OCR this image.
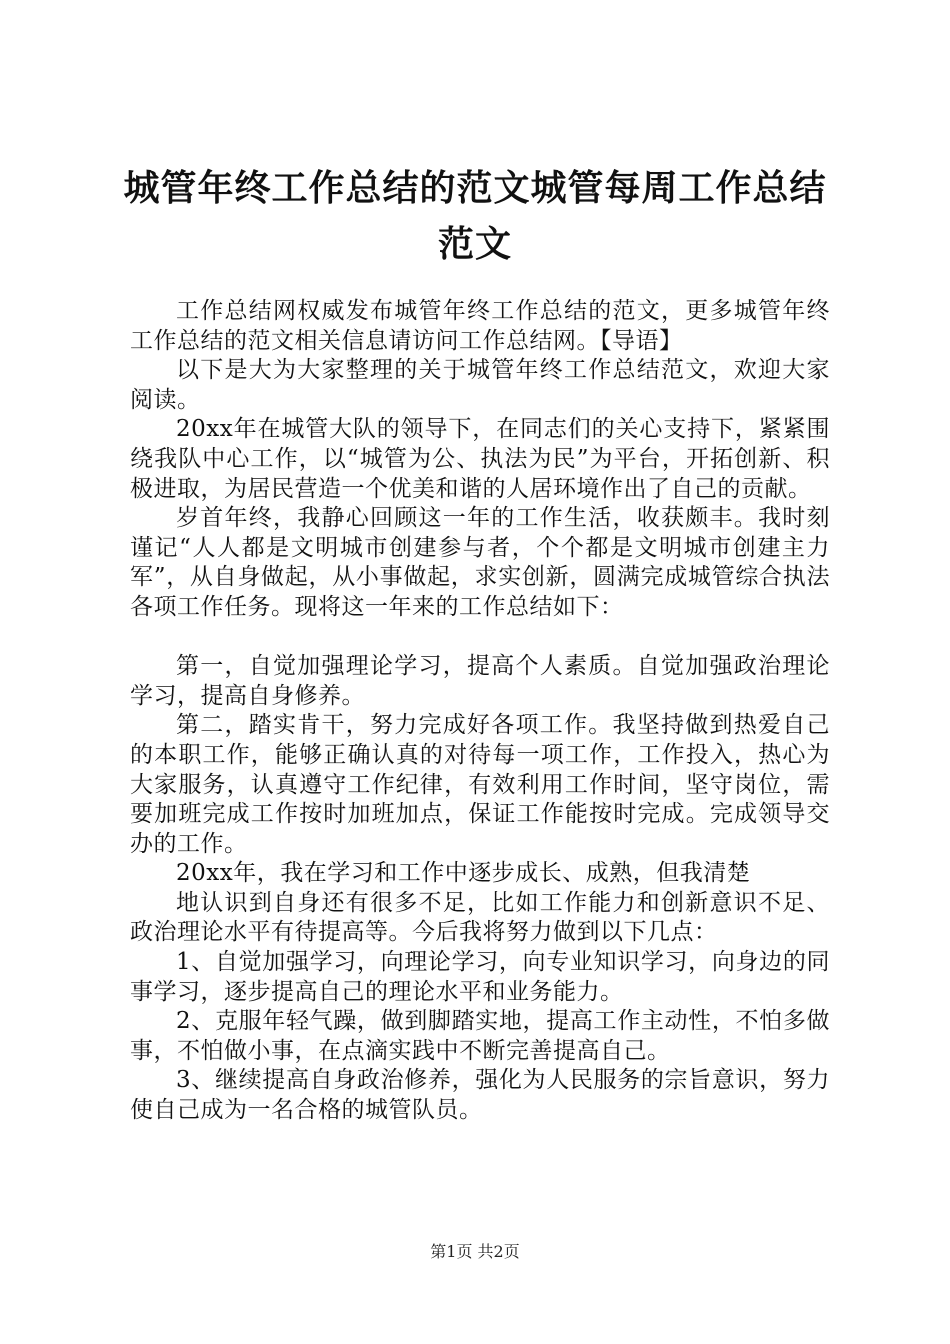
城管年终工作总结的范文城管每周工作总结范文

工作总结网权威发布城管年终工作总结的范文，更多城管年终工作总结的范文相关信息请访问工作总结网。【导语】

以下是大为大家整理的关于城管年终工作总结范文，欢迎大家阅读。

20xx年在城管大队的领导下，在同志们的关心支持下，紧紧围绕我队中心工作，以“城管为公、执法为民”为平台，开拓创新、积极进取，为居民营造一个优美和谐的人居环境作出了自己的贡献。

岁首年终，我静心回顾这一年的工作生活，收获颇丰。我时刻谨记“人人都是文明城市创建参与者，个个都是文明城市创建主力军”，从自身做起，从小事做起，求实创新，圆满完成城管综合执法各项工作任务。现将这一年来的工作总结如下：

第一，自觉加强理论学习，提高个人素质。自觉加强政治理论学习，提高自身修养。

第二，踏实肯干，努力完成好各项工作。我坚持做到热爱自己的本职工作，能够正确认真的对待每一项工作，工作投入，热心为大家服务，认真遵守工作纪律，有效利用工作时间，坚守岗位，需要加班完成工作按时加班加点，保证工作能按时完成。完成领导交办的工作。

20xx年，我在学习和工作中逐步成长、成熟，但我清楚

地认识到自身还有很多不足，比如工作能力和创新意识不足、政治理论水平有待提高等。今后我将努力做到以下几点：

1、自觉加强学习，向理论学习，向专业知识学习，向身边的同事学习，逐步提高自己的理论水平和业务能力。

2、克服年轻气躁，做到脚踏实地，提高工作主动性，不怕多做事，不怕做小事，在点滴实践中不断完善提高自己。

3、继续提高自身政治修养，强化为人民服务的宗旨意识，努力使自己成为一名合格的城管队员。

第1页 共2页
